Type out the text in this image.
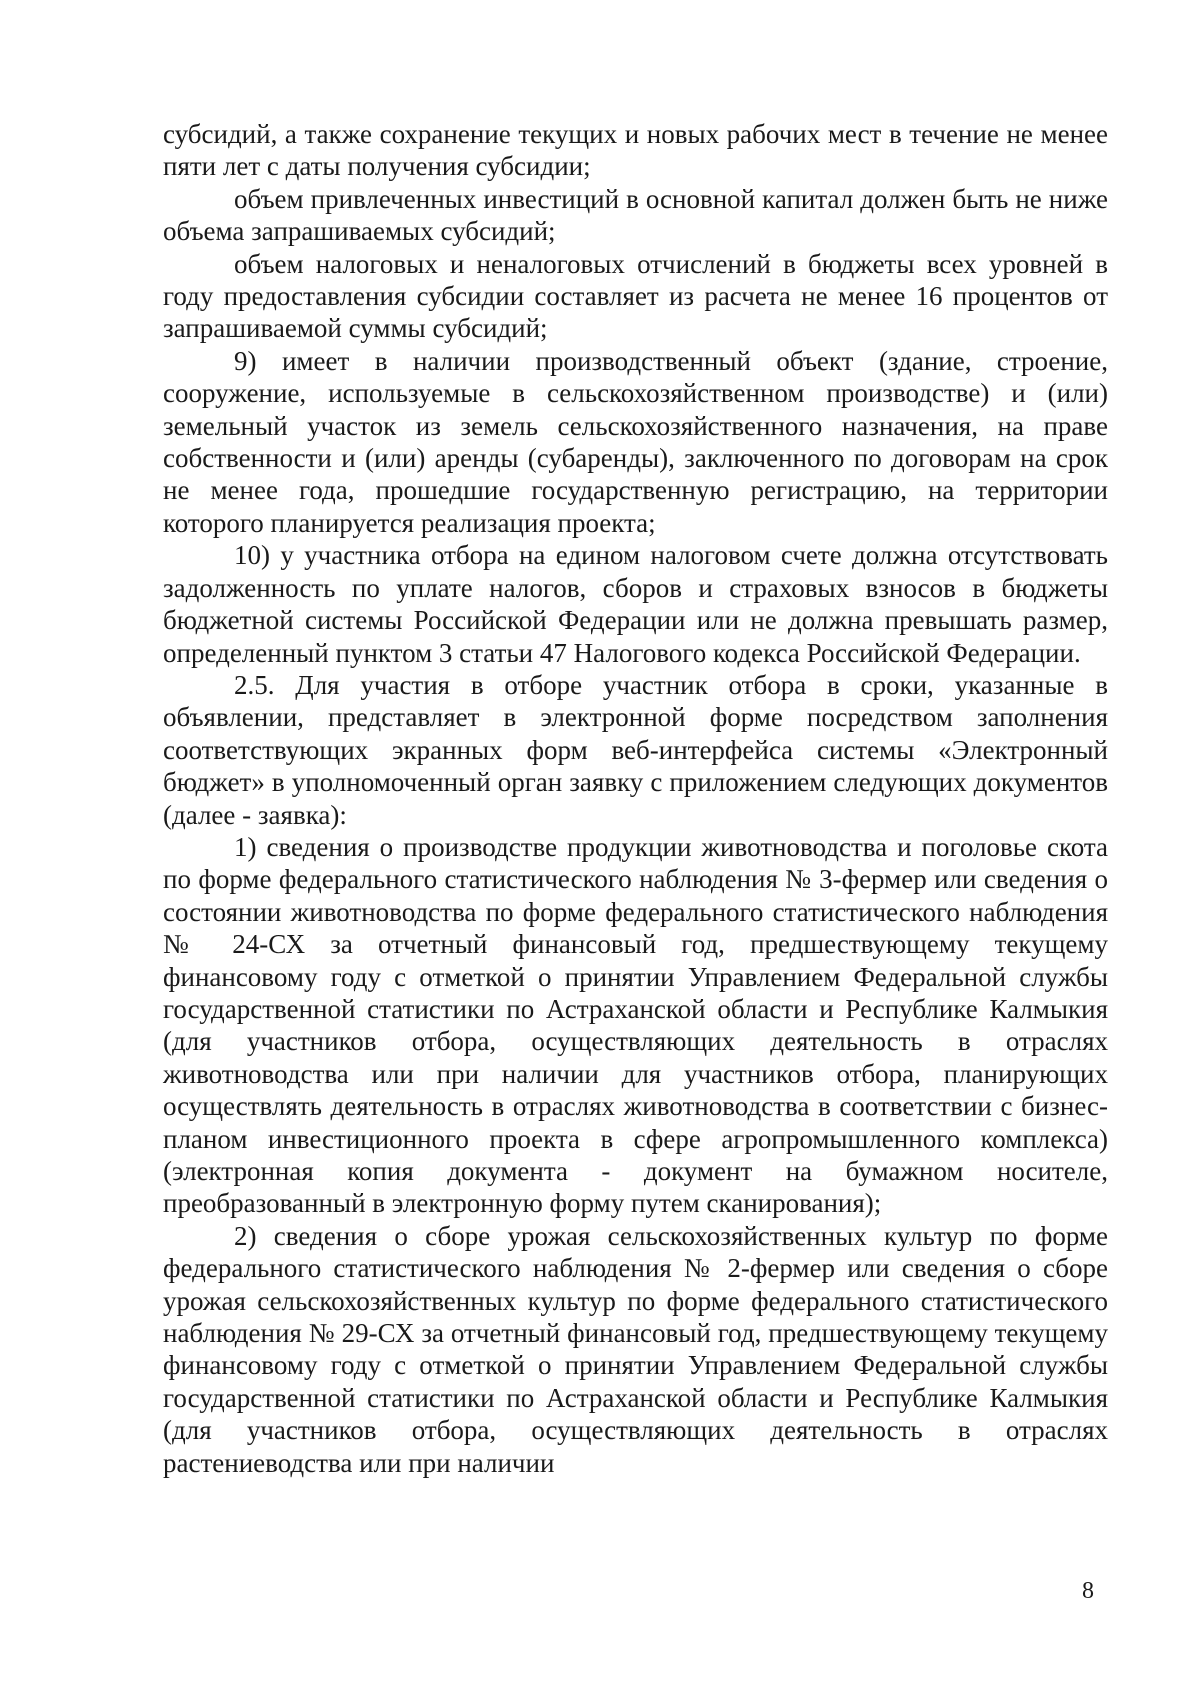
субсидий, а также сохранение текущих и новых рабочих мест в течение не менее пяти лет с даты получения субсидии;

объем привлеченных инвестиций в основной капитал должен быть не ниже объема запрашиваемых субсидий;

объем налоговых и неналоговых отчислений в бюджеты всех уровней в году предоставления субсидии составляет из расчета не менее 16 процентов от запрашиваемой суммы субсидий;

9) имеет в наличии производственный объект (здание, строение, сооружение, используемые в сельскохозяйственном производстве) и (или) земельный участок из земель сельскохозяйственного назначения, на праве собственности и (или) аренды (субаренды), заключенного по договорам на срок не менее года, прошедшие государственную регистрацию, на территории которого планируется реализация проекта;

10) у участника отбора на едином налоговом счете должна отсутствовать задолженность по уплате налогов, сборов и страховых взносов в бюджеты бюджетной системы Российской Федерации или не должна превышать размер, определенный пунктом 3 статьи 47 Налогового кодекса Российской Федерации.

2.5. Для участия в отборе участник отбора в сроки, указанные в объявлении, представляет в электронной форме посредством заполнения соответствующих экранных форм веб-интерфейса системы «Электронный бюджет» в уполномоченный орган заявку с приложением следующих документов (далее - заявка):

1) сведения о производстве продукции животноводства и поголовье скота по форме федерального статистического наблюдения № 3-фермер или сведения о состоянии животноводства по форме федерального статистического наблюдения № 24-СХ за отчетный финансовый год, предшествующему текущему финансовому году с отметкой о принятии Управлением Федеральной службы государственной статистики по Астраханской области и Республике Калмыкия (для участников отбора, осуществляющих деятельность в отраслях животноводства или при наличии для участников отбора, планирующих осуществлять деятельность в отраслях животноводства в соответствии с бизнес-планом инвестиционного проекта в сфере агропромышленного комплекса) (электронная копия документа - документ на бумажном носителе, преобразованный в электронную форму путем сканирования);

2) сведения о сборе урожая сельскохозяйственных культур по форме федерального статистического наблюдения № 2-фермер или сведения о сборе урожая сельскохозяйственных культур по форме федерального статистического наблюдения № 29-СХ за отчетный финансовый год, предшествующему текущему финансовому году с отметкой о принятии Управлением Федеральной службы государственной статистики по Астраханской области и Республике Калмыкия (для участников отбора, осуществляющих деятельность в отраслях растениеводства или при наличии

8
